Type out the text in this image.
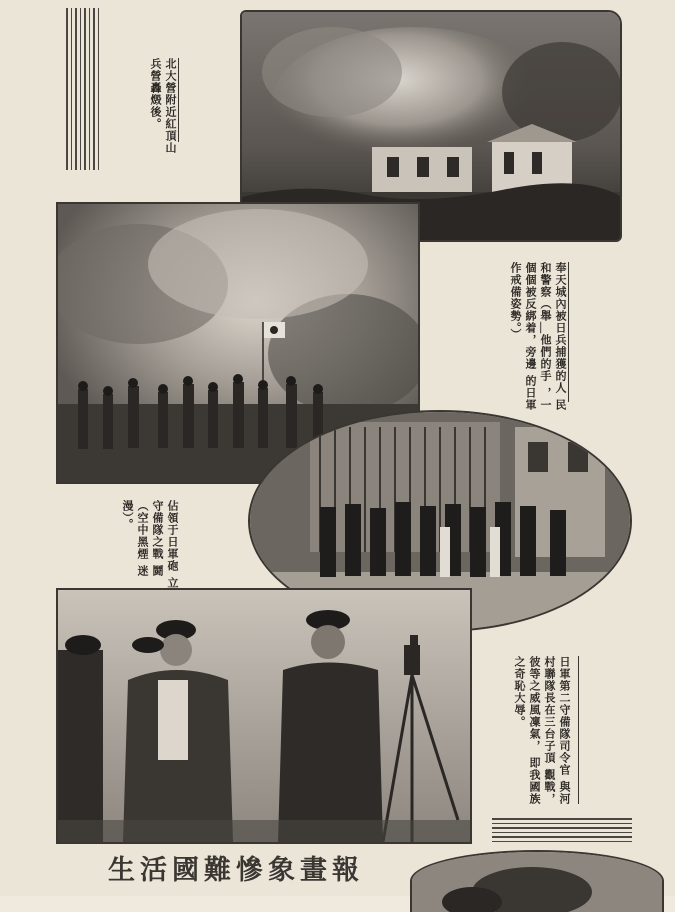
北大營附近紅頂山 兵營轟燬後。
奉天城內被日兵捕獲的人 民和警察（舉＿他們的手 ，一個個被反綁着，旁邊 的日軍作戒備姿勢。）
佔領于日軍砲 立守備隊之戰 鬪（空中黑煙 迷漫）。
日軍第二守備隊司令官 與河村聯隊長在三台子頂 觀戰，彼等之威風凜氣， 即我國族之奇恥大辱。
生活國難慘象畫報
